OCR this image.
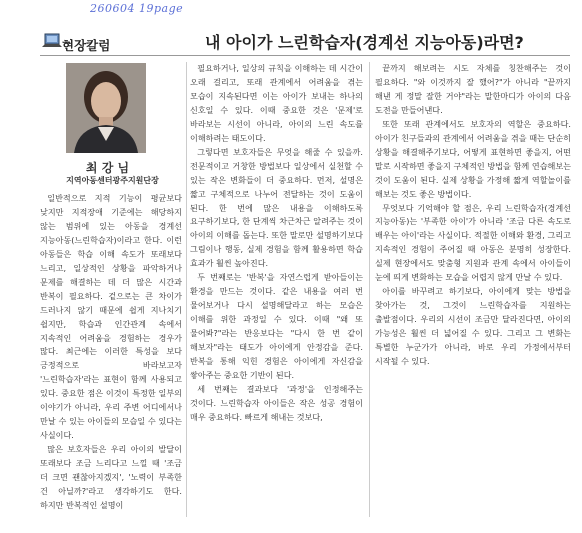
260604 19page
현장칼럼	내 아이가 느린학습자(경계선 지능아동)라면?
최 강 님
지역아동센터광주지원단장

일반적으로 지적 기능이 평균보다 낮지만 지적장애 기준에는 해당하지 않는 범위에 있는 아동을 경계선 지능아동(느린학습자)이라고 한다. 이런 아동들은 학습 이해 속도가 또래보다 느리고, 일상적인 상황을 파악하거나 문제를 해결하는 데 더 많은 시간과 반복이 필요하다. 겉으로는 큰 차이가 드러나지 않기 때문에 쉽게 지나치기 쉽지만, 학습과 인간관계 속에서 지속적인 어려움을 경험하는 경우가 많다. 최근에는 이러한 특성을 보다 긍정적으로 바라보고자 '느린학습자'라는 표현이 함께 사용되고 있다. 중요한 점은 이것이 특정한 일부의 이야기가 아니라, 우리 주변 어디에서나 만날 수 있는 아이들의 모습일 수 있다는 사실이다.

많은 보호자들은 우리 아이의 발달이 또래보다 조금 느리다고 느낄 때 '조금 더 크면 괜찮아지겠지', '노력이 부족한 건 아닐까?'라고 생각하기도 한다. 하지만 반복적인 설명이

필요하거나, 일상의 규칙을 이해하는 데 시간이 오래 걸리고, 또래 관계에서 어려움을 겪는 모습이 지속된다면 이는 아이가 보내는 하나의 신호일 수 있다. 이때 중요한 것은 '문제'로 바라보는 시선이 아니라, 아이의 느린 속도를 이해하려는 태도이다.

그렇다면 보호자들은 무엇을 해줄 수 있을까. 전문적이고 거창한 방법보다 일상에서 실천할 수 있는 작은 변화들이 더 중요하다. 먼저, 설명은 짧고 구체적으로 나누어 전달하는 것이 도움이 된다. 한 번에 많은 내용을 이해하도록 요구하기보다, 한 단계씩 차근차근 알려주는 것이 아이의 이해를 돕는다. 또한 말로만 설명하기보다 그림이나 행동, 실제 경험을 함께 활용하면 학습 효과가 훨씬 높아진다.

두 번째로는 '반복'을 자연스럽게 받아들이는 환경을 만드는 것이다. 같은 내용을 여러 번 물어보거나 다시 설명해달라고 하는 모습은 이해를 위한 과정일 수 있다. 이때 "왜 또 물어봐?"라는 반응보다는 "다시 한 번 같이 해보자"라는 태도가 아이에게 안정감을 준다. 반복을 통해 익힌 경험은 아이에게 자신감을 쌓아주는 중요한 기반이 된다.

세 번째는 결과보다 '과정'을 인정해주는 것이다. 느린학습자 아이들은 작은 성공 경험이 매우 중요하다. 빠르게 해내는 것보다,

끝까지 해보려는 시도 자체를 칭찬해주는 것이 필요하다. "와 이것까지 잘 했어?"가 아니라 "끝까지 해낸 게 정말 잘한 거야"라는 말한마디가 아이의 다음 도전을 만들어낸다.

또한 또래 관계에서도 보호자의 역할은 중요하다. 아이가 친구들과의 관계에서 어려움을 겪을 때는 단순히 상황을 해결해주기보다, 어떻게 표현하면 좋을지, 어떤 말로 시작하면 좋을지 구체적인 방법을 함께 연습해보는 것이 도움이 된다. 실제 상황을 가정해 짧게 역할놀이를 해보는 것도 좋은 방법이다.

무엇보다 기억해야 할 점은, 우리 느린학습자(경계선 지능아동)는 '부족한 아이'가 아니라 '조금 다른 속도로 배우는 아이'라는 사실이다. 적절한 이해와 환경, 그리고 지속적인 경험이 주어질 때 아동은 분명히 성장한다. 실제 현장에서도 맞춤형 지원과 관계 속에서 아이들이 눈에 띄게 변화하는 모습을 어렵지 않게 만날 수 있다.

아이를 바꾸려고 하기보다, 아이에게 맞는 방법을 찾아가는 것, 그것이 느린학습자를 지원하는 출발점이다. 우리의 시선이 조금만 달라진다면, 아이의 가능성은 훨씬 더 넓어질 수 있다. 그리고 그 변화는 특별한 누군가가 아니라, 바로 우리 가정에서부터 시작될 수 있다.
